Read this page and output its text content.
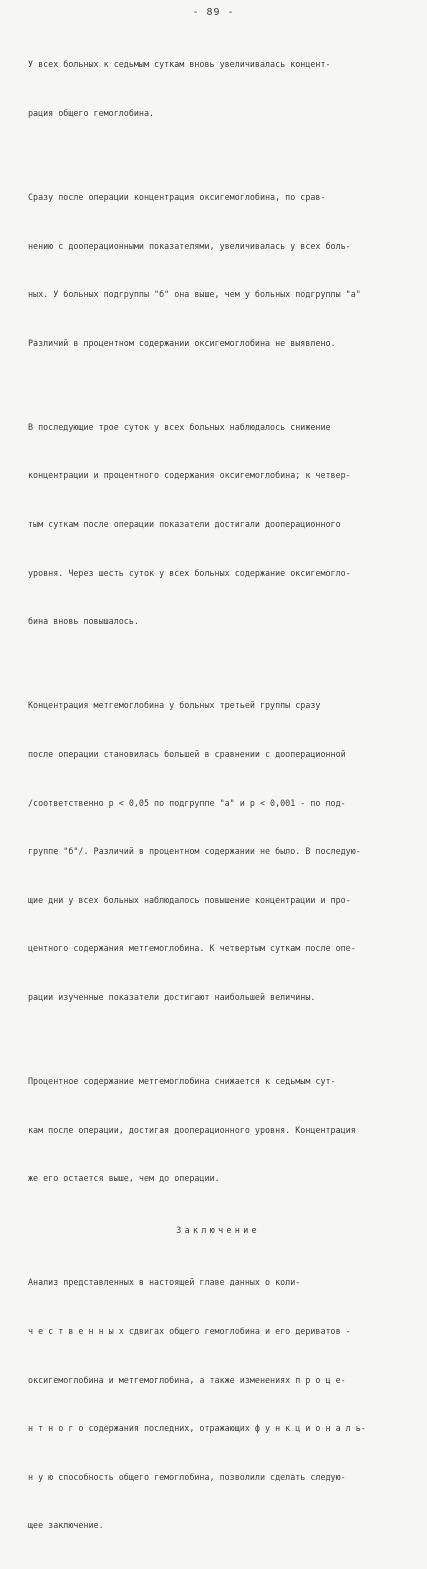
- 89 -

У всех больных к седьмым суткам вновь увеличивалась концент-

рация общего гемоглобина.

Сразу после операции концентрация оксигемоглобина, по срав-

нению с дооперационными показателями, увеличивалась у всех боль-

ных. У больных подгруппы "б" она выше, чем у больных подгруппы "а"

Различий в процентном содержании оксигемоглобина не выявлено.

В последующие трое суток у всех больных наблюдалось снижение

концентрации и процентного содержания оксигемоглобина; к четвер-

тым суткам после операции показатели достигали дооперационного

уровня. Через шесть суток у всех больных содержание оксигемогло-

бина вновь повышалось.

Концентрация метгемоглобина у больных третьей группы сразу

после операции становилась большей в сравнении с дооперационной

/соответственно р < 0,05 по подгруппе "а" и р < 0,001 - по под-

группе "б"/. Различий в процентном содержании не было. В последую-

щие дни у всех больных наблюдалось повышение концентрации и про-

центного содержания метгемоглобина. К четвертым суткам после опе-

рации изученные показатели достигают наибольшей величины.

Процентное содержание метгемоглобина снижается к седьмым сут-

кам после операции, достигая дооперационного уровня. Концентрация

же его остается выше, чем до операции.

Заключение

Анализ представленных в настоящей главе данных о коли-

ч е с т в е н н ы х сдвигах общего гемоглобина и его дериватов -

оксигемоглобина и метгемоглобина, а также изменениях п р о ц е-

н т н о г о содержания последних, отражающих ф у н к ц и о н а л ь-

н у ю способность общего гемоглобина, позволили сделать следую-

щее заключение.
